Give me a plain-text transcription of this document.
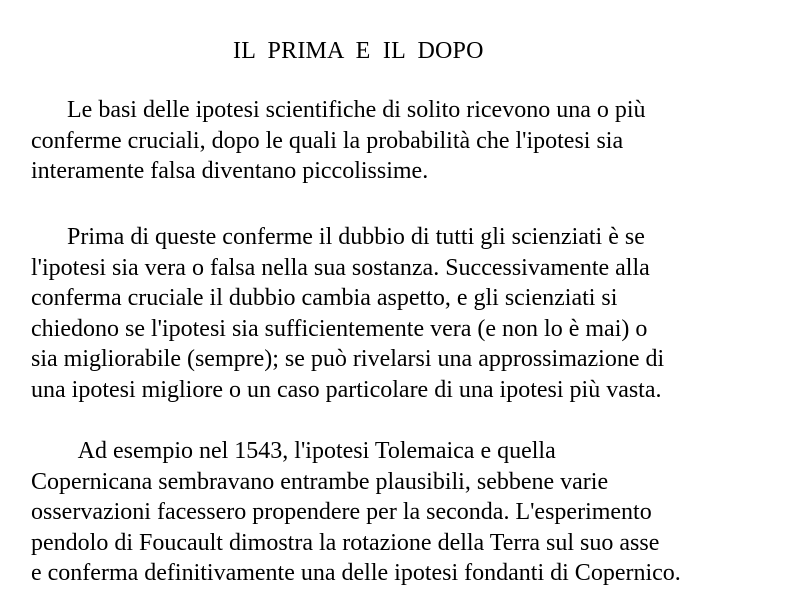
IL  PRIMA  E  IL  DOPO
Le basi delle ipotesi scientifiche di solito ricevono una o più
conferme cruciali, dopo le quali la probabilità che l'ipotesi sia
interamente falsa diventano piccolissime.
Prima di queste conferme il dubbio di tutti gli scienziati è se
l'ipotesi sia vera o falsa nella sua sostanza. Successivamente alla
conferma cruciale il dubbio cambia aspetto, e gli scienziati si
chiedono se l'ipotesi sia sufficientemente vera (e non lo è mai) o
sia migliorabile (sempre); se può rivelarsi una approssimazione di
una ipotesi migliore o un caso particolare di una ipotesi più vasta.
Ad esempio nel 1543, l'ipotesi Tolemaica e quella
Copernicana sembravano entrambe plausibili, sebbene varie
osservazioni facessero propendere per la seconda. L'esperimento
pendolo di Foucault dimostra la rotazione della Terra sul suo asse
e conferma definitivamente una delle ipotesi fondanti di Copernico.
